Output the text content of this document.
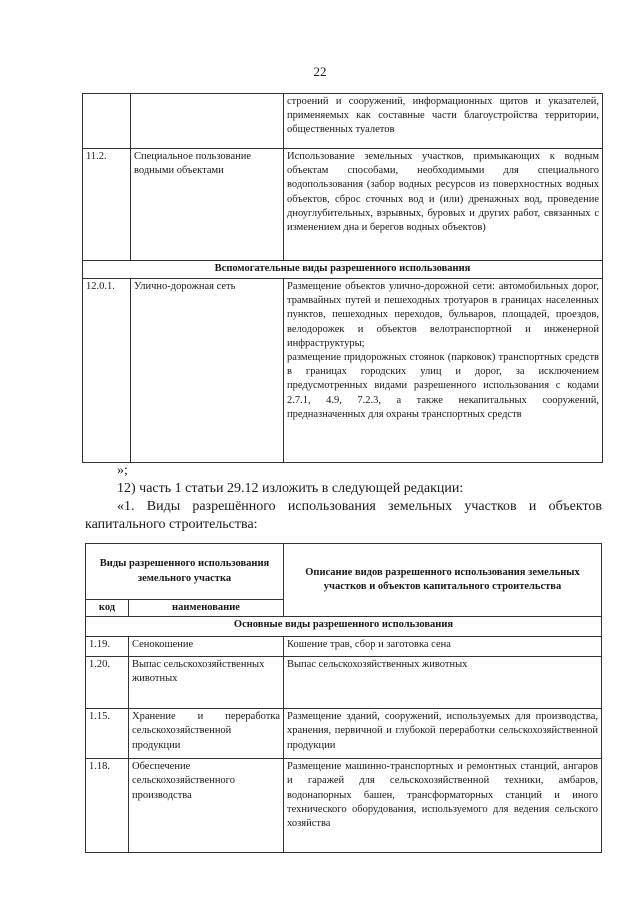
22
		строений и сооружений, информационных щитов и указателей, применяемых как составные части благоустройства территории, общественных туалетов
11.2.	Специальное пользование водными объектами	Использование земельных участков, примыкающих к водным объектам способами, необходимыми для специального водопользования (забор водных ресурсов из поверхностных водных объектов, сброс сточных вод и (или) дренажных вод, проведение дноуглубительных, взрывных, буровых и других работ, связанных с изменением дна и берегов водных объектов)
Вспомогательные виды разрешенного использования		
12.0.1.	Улично-дорожная сеть	Размещение объектов улично-дорожной сети: автомобильных дорог, трамвайных путей и пешеходных тротуаров в границах населенных пунктов, пешеходных переходов, бульваров, площадей, проездов, велодорожек и объектов велотранспортной и инженерной инфраструктуры;
размещение придорожных стоянок (парковок) транспортных средств в границах городских улиц и дорог, за исключением предусмотренных видами разрешенного использования с кодами 2.7.1, 4.9, 7.2.3, а также некапитальных сооружений, предназначенных для охраны транспортных средств
»;
12) часть 1 статьи 29.12 изложить в следующей редакции:
«1. Виды разрешённого использования земельных участков и объектов
капитального строительства:
Виды разрешенного использования земельного участка		Описание видов разрешенного использования земельных участков и объектов капитального строительства
код	наименование	
Основные виды разрешенного использования		
1.19.	Сенокошение	Кошение трав, сбор и заготовка сена
1.20.	Выпас сельскохозяйственных животных	Выпас сельскохозяйственных животных
1.15.	Хранение и переработка сельскохозяйственной продукции	Размещение зданий, сооружений, используемых для производства, хранения, первичной и глубокой переработки сельскохозяйственной продукции
1.18.	Обеспечение сельскохозяйственного производства	Размещение машинно-транспортных и ремонтных станций, ангаров и гаражей для сельскохозяйственной техники, амбаров, водонапорных башен, трансформаторных станций и иного технического оборудования, используемого для ведения сельского хозяйства
